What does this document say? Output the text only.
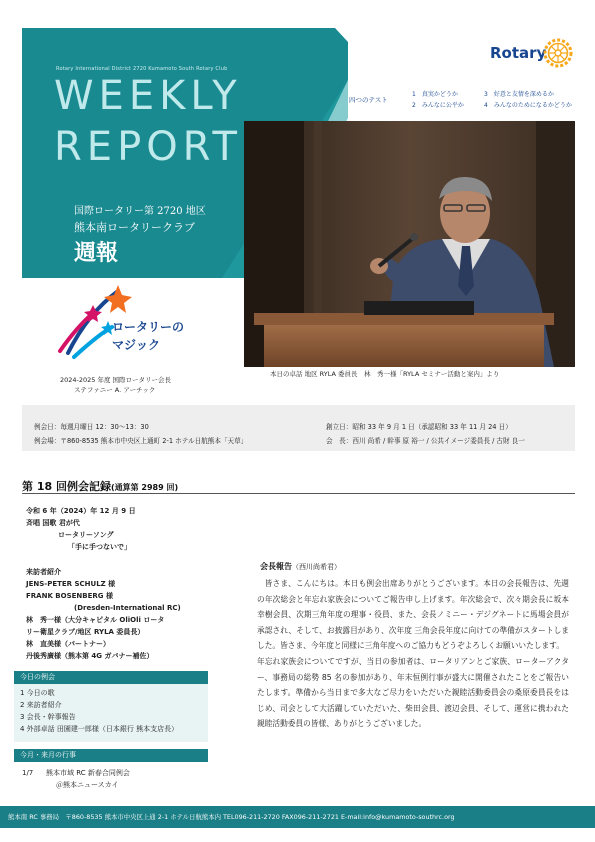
Rotary International District 2720 Kumamoto South Rotary Club
WEEKLY
REPORT
国際ロータリー第 2720 地区
熊本南ロータリークラブ
週報
Rotary
四つのテスト
1　真実かどうか
2　みんなに公平か
3　好意と友情を深めるか
4　みんなのためになるかどうか
本日の卓話 地区 RYLA 委員長　林　秀一様「RYLA セミナー活動と案内」より
ロータリーの
マジック
2024-2025 年度 国際ロータリー会長
ステファニー A. アーチック
例会日：毎週月曜日 12：30～13：30	創立日：昭和 33 年 9 月 1 日（承認昭和 33 年 11 月 24 日）
例会場：〒860-8535 熊本市中央区上通町 2-1 ホテル日航熊本「天草」	会　長：西川 尚希 / 幹事 原 裕一 / 公共イメージ委員長 / 古財 良一
第 18 回例会記録(通算第 2989 回)
令和 6 年（2024）年 12 月 9 日
斉唱 国歌 君が代
ロータリーソング
「手に手つないで」
来訪者紹介
JENS-PETER SCHULZ 様
FRANK BOSENBERG 様
(Dresden-International RC)
林　秀一様（大分キャピタル OliOli ロータ
リー衛星クラブ/地区 RYLA 委員長）
林　直美様（パートナー）
丹後秀廣様（熊本第 4G ガバナー補佐）
今日の例会
1 今日の歌
2 来訪者紹介
3 会長・幹事報告
4 外部卓話 田園建一郎様（日本銀行 熊本支店長）
今月・来月の行事
1/7 熊本市域 RC 新春合同例会
＠熊本ニュースカイ
会長報告（西川尚希君）

皆さま、こんにちは。本日も例会出席ありがとうございます。本日の会長報告は、先週の年次総会と年忘れ家族会についてご報告申し上げます。年次総会で、次々期会長に坂本幸樹会員、次期三角年度の理事・役員、また、会長ノミニー・デジグネートに馬場会員が承認され、そして、お披露目があり、次年度 三角会長年度に向けての準備がスタートしました。皆さま、今年度と同様に三角年度へのご協力もどうぞよろしくお願いいたします。

年忘れ家族会についてですが、当日の参加者は、ロータリアンとご家族、ローターアクター、事務局の総勢 85 名の参加があり、年末恒例行事が盛大に開催されたことをご報告いたします。準備から当日まで多大なご尽力をいただいた親睦活動委員会の桑原委員長をはじめ、司会として大活躍していただいた、柴田会員、渡辺会員、そして、運営に携われた親睦活動委員の皆様、ありがとうございました。

熊本南 RC 事務局　〒860-8535 熊本市中央区上通 2-1 ホテル日航熊本内 TEL096-211-2720 FAX096-211-2721 E-mail:info@kumamoto-southrc.org
